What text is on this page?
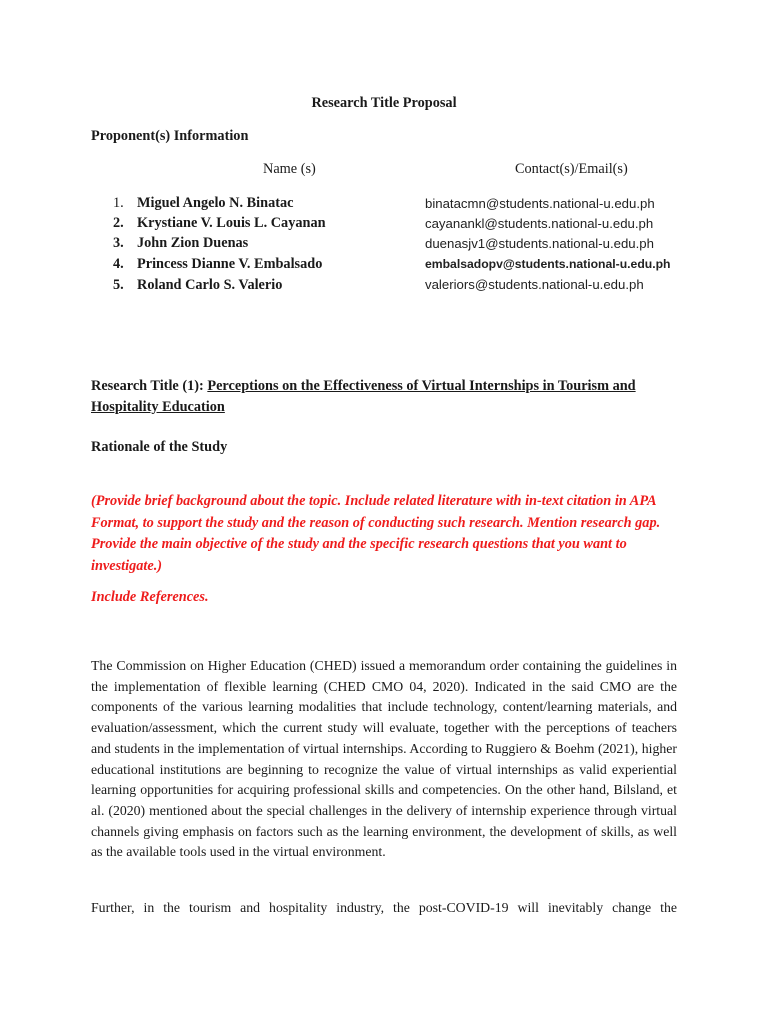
Research Title Proposal
Proponent(s) Information
Name (s)	Contact(s)/Email(s)
1. Miguel Angelo N. Binatac	binatacmn@students.national-u.edu.ph
2. Krystiane V. Louis L. Cayanan	cayanankl@students.national-u.edu.ph
3. John Zion Duenas	duenasjv1@students.national-u.edu.ph
4. Princess Dianne V. Embalsado	embalsadopv@students.national-u.edu.ph
5. Roland Carlo S. Valerio	valeriors@students.national-u.edu.ph
Research Title (1): Perceptions on the Effectiveness of Virtual Internships in Tourism and Hospitality Education
Rationale of the Study
(Provide brief background about the topic. Include related literature with in-text citation in APA Format, to support the study and the reason of conducting such research. Mention research gap. Provide the main objective of the study and the specific research questions that you want to investigate.)
Include References.
The Commission on Higher Education (CHED) issued a memorandum order containing the guidelines in the implementation of flexible learning (CHED CMO 04, 2020). Indicated in the said CMO are the components of the various learning modalities that include technology, content/learning materials, and evaluation/assessment, which the current study will evaluate, together with the perceptions of teachers and students in the implementation of virtual internships. According to Ruggiero & Boehm (2021), higher educational institutions are beginning to recognize the value of virtual internships as valid experiential learning opportunities for acquiring professional skills and competencies. On the other hand, Bilsland, et al. (2020) mentioned about the special challenges in the delivery of internship experience through virtual channels giving emphasis on factors such as the learning environment, the development of skills, as well as the available tools used in the virtual environment.
Further, in the tourism and hospitality industry, the post-COVID-19 will inevitably change the
